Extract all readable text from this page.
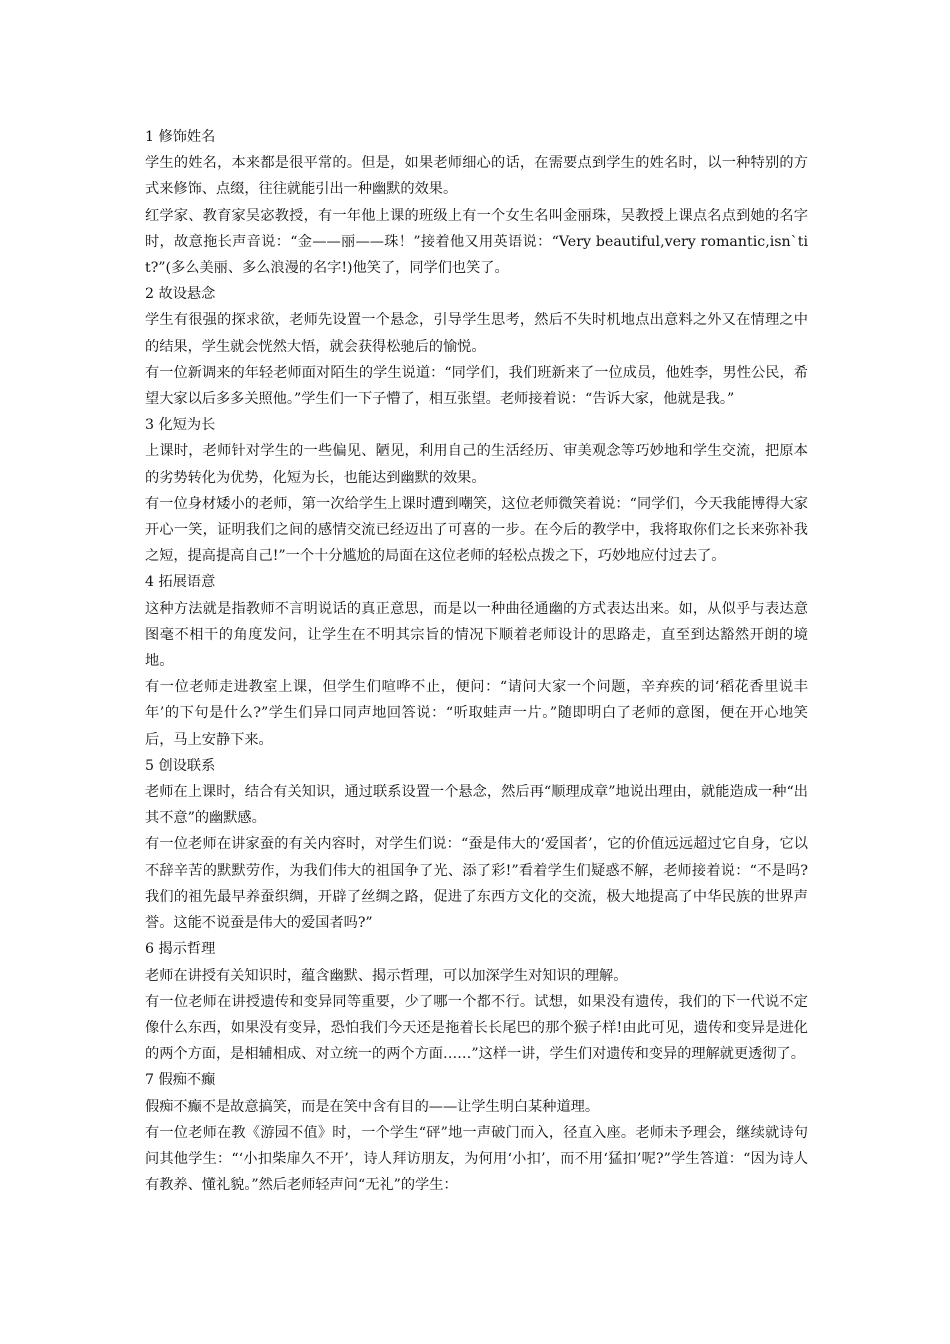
1 修饰姓名

学生的姓名，本来都是很平常的。但是，如果老师细心的话，在需要点到学生的姓名时，以一种特别的方式来修饰、点缀，往往就能引出一种幽默的效果。

红学家、教育家吴宓教授，有一年他上课的班级上有一个女生名叫金丽珠，吴教授上课点名点到她的名字时，故意拖长声音说：“金——丽——珠！”接着他又用英语说：“Very beautiful,very romantic,isn`tit?”(多么美丽、多么浪漫的名字!)他笑了，同学们也笑了。

2 故设悬念

学生有很强的探求欲，老师先设置一个悬念，引导学生思考，然后不失时机地点出意料之外又在情理之中的结果，学生就会恍然大悟，就会获得松驰后的愉悦。

有一位新调来的年轻老师面对陌生的学生说道：“同学们，我们班新来了一位成员，他姓李，男性公民，希望大家以后多多关照他。”学生们一下子懵了，相互张望。老师接着说：“告诉大家，他就是我。”

3 化短为长

上课时，老师针对学生的一些偏见、陋见，利用自己的生活经历、审美观念等巧妙地和学生交流，把原本的劣势转化为优势，化短为长，也能达到幽默的效果。

有一位身材矮小的老师，第一次给学生上课时遭到嘲笑，这位老师微笑着说：“同学们，今天我能博得大家开心一笑，证明我们之间的感情交流已经迈出了可喜的一步。在今后的教学中，我将取你们之长来弥补我之短，提高提高自己!”一个十分尴尬的局面在这位老师的轻松点拨之下，巧妙地应付过去了。

4 拓展语意

这种方法就是指教师不言明说话的真正意思，而是以一种曲径通幽的方式表达出来。如，从似乎与表达意图毫不相干的角度发问，让学生在不明其宗旨的情况下顺着老师设计的思路走，直至到达豁然开朗的境地。

有一位老师走进教室上课，但学生们喧哗不止，便问：“请问大家一个问题，辛弃疾的词‘稻花香里说丰年’的下句是什么?”学生们异口同声地回答说：“听取蛙声一片。”随即明白了老师的意图，便在开心地笑后，马上安静下来。

5 创设联系

老师在上课时，结合有关知识，通过联系设置一个悬念，然后再“顺理成章”地说出理由，就能造成一种“出其不意”的幽默感。

有一位老师在讲家蚕的有关内容时，对学生们说：“蚕是伟大的‘爱国者’，它的价值远远超过它自身，它以不辞辛苦的默默劳作，为我们伟大的祖国争了光、添了彩!”看着学生们疑惑不解，老师接着说：“不是吗?我们的祖先最早养蚕织绸，开辟了丝绸之路，促进了东西方文化的交流，极大地提高了中华民族的世界声誉。这能不说蚕是伟大的爱国者吗?”

6 揭示哲理

老师在讲授有关知识时，蕴含幽默、揭示哲理，可以加深学生对知识的理解。

有一位老师在讲授遗传和变异同等重要，少了哪一个都不行。试想，如果没有遗传，我们的下一代说不定像什么东西，如果没有变异，恐怕我们今天还是拖着长长尾巴的那个猴子样!由此可见，遗传和变异是进化的两个方面，是相辅相成、对立统一的两个方面……”这样一讲，学生们对遗传和变异的理解就更透彻了。

7 假痴不癫

假痴不癫不是故意搞笑，而是在笑中含有目的——让学生明白某种道理。

有一位老师在教《游园不值》时，一个学生“砰”地一声破门而入，径直入座。老师未予理会，继续就诗句问其他学生：“‘小扣柴扉久不开’，诗人拜访朋友，为何用‘小扣’，而不用‘猛扣’呢?”学生答道：“因为诗人有教养、懂礼貌。”然后老师轻声问“无礼”的学生：
